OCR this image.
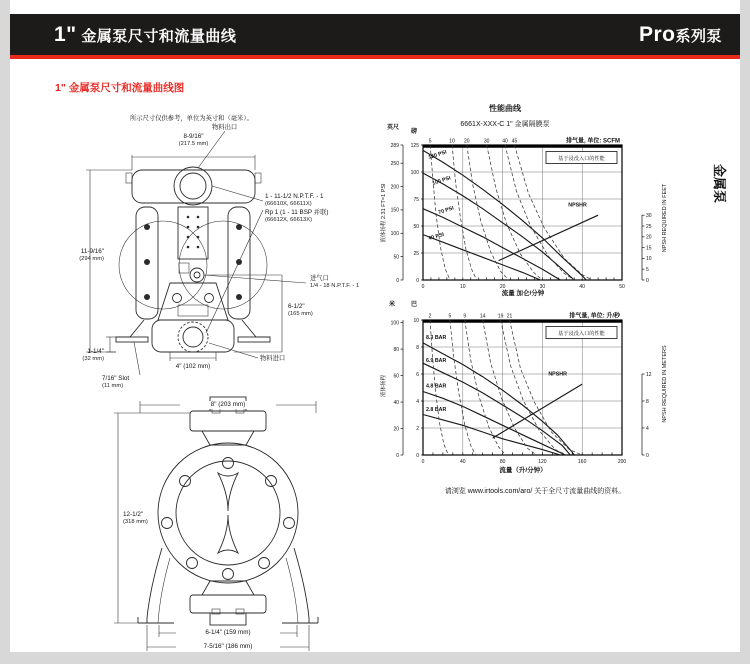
1" 金属泵尺寸和流量曲线	Pro系列泵
1" 金属泵尺寸和流量曲线图
金属泵
所示尺寸仅供参考，单位为英寸和（毫米）。
8-9/16"
(217.5 mm)
物料出口
1 - 11-1/2 N.P.T.F. - 1
(66610X, 66611X)
Rp 1 (1 - 11 BSP 并联)
(66612X, 66613X)
11-9/16"
(294 mm)
进气口
1/4 - 18 N.P.T.F. - 1
6-1/2"
(165 mm)
1-1/4"
(32 mm)
7/16" Slot
(11 mm)
4" (102 mm)
物料进口
8" (203 mm)
12-1/2"
(318 mm)
6-1/4" (159 mm)
7-5/16" (186 mm)
性能曲线
6661X-XXX-C 1" 金属隔膜泵
英尺
磅
0	10	20	30	40	50
125
100
75
50
25
0
289
250
200
150
100
50
0
5	10 20	30	40 45	排气量, 单位: SCFM
基于浸没入口的性能
30
25
20
15
10
5
0
120 PSI
100 PSI
70 PSI
40 PSI
NPSHR
流量 加仑/分钟
液体扬程 2.31 FT=1 PSI	NPSH REQUIRED IN FEET
米	巴
0	40	80	120	160	200
10
8
6
4
2
0
100
80
60
40
20
0
2	5 9	14 19 21	排气量, 单位: 升/秒
基于浸没入口的性能
12
8
4
0
8.3 BAR
6.9 BAR
4.8 BAR
2.8 BAR
NPSHR
流量（升/分钟）
液体扬程	NPSH REQUIRED IN METERS
请浏览 www.irtools.com/aro/ 关于全尺寸流量曲线的资料。
